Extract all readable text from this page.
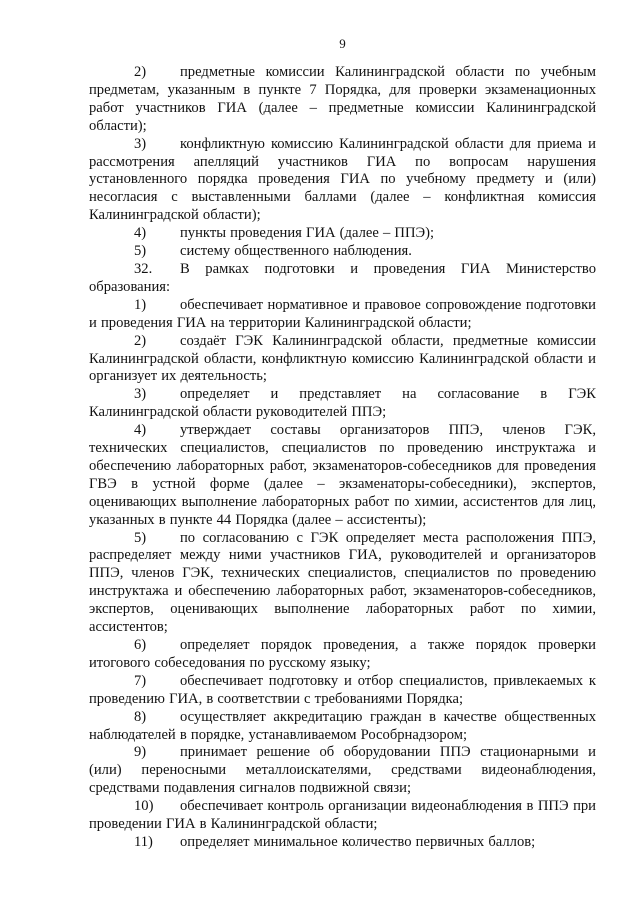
9

2) предметные комиссии Калининградской области по учебным предметам, указанным в пункте 7 Порядка, для проверки экзаменационных работ участников ГИА (далее – предметные комиссии Калининградской области);

3) конфликтную комиссию Калининградской области для приема и рассмотрения апелляций участников ГИА по вопросам нарушения установленного порядка проведения ГИА по учебному предмету и (или) несогласия с выставленными баллами (далее – конфликтная комиссия Калининградской области);

4) пункты проведения ГИА (далее – ППЭ);

5) систему общественного наблюдения.

32. В рамках подготовки и проведения ГИА Министерство образования:

1) обеспечивает нормативное и правовое сопровождение подготовки и проведения ГИА на территории Калининградской области;

2) создаёт ГЭК Калининградской области, предметные комиссии Калининградской области, конфликтную комиссию Калининградской области и организует их деятельность;

3) определяет и представляет на согласование в ГЭК Калининградской области руководителей ППЭ;

4) утверждает составы организаторов ППЭ, членов ГЭК, технических специалистов, специалистов по проведению инструктажа и обеспечению лабораторных работ, экзаменаторов-собеседников для проведения ГВЭ в устной форме (далее – экзаменаторы-собеседники), экспертов, оценивающих выполнение лабораторных работ по химии, ассистентов для лиц, указанных в пункте 44 Порядка (далее – ассистенты);

5) по согласованию с ГЭК определяет места расположения ППЭ, распределяет между ними участников ГИА, руководителей и организаторов ППЭ, членов ГЭК, технических специалистов, специалистов по проведению инструктажа и обеспечению лабораторных работ, экзаменаторов-собеседников, экспертов, оценивающих выполнение лабораторных работ по химии, ассистентов;

6) определяет порядок проведения, а также порядок проверки итогового собеседования по русскому языку;

7) обеспечивает подготовку и отбор специалистов, привлекаемых к проведению ГИА, в соответствии с требованиями Порядка;

8) осуществляет аккредитацию граждан в качестве общественных наблюдателей в порядке, устанавливаемом Рособрнадзором;

9) принимает решение об оборудовании ППЭ стационарными и (или) переносными металлоискателями, средствами видеонаблюдения, средствами подавления сигналов подвижной связи;

10) обеспечивает контроль организации видеонаблюдения в ППЭ при проведении ГИА в Калининградской области;

11) определяет минимальное количество первичных баллов;
